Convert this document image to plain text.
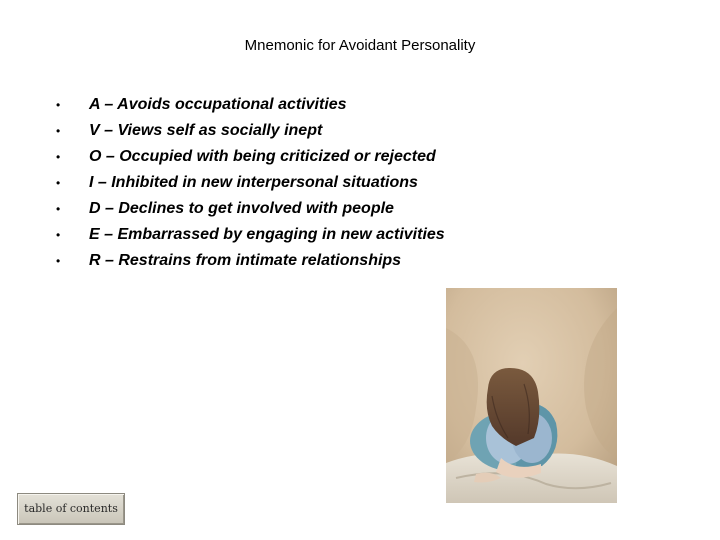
Mnemonic for Avoidant Personality
•	A – Avoids occupational activities
•	V – Views self as socially inept
•	O – Occupied with being criticized or rejected
•	I – Inhibited in new interpersonal situations
•	D – Declines to get involved with people
•	E – Embarrassed by engaging in new activities
•	R – Restrains from intimate relationships
table of contents
